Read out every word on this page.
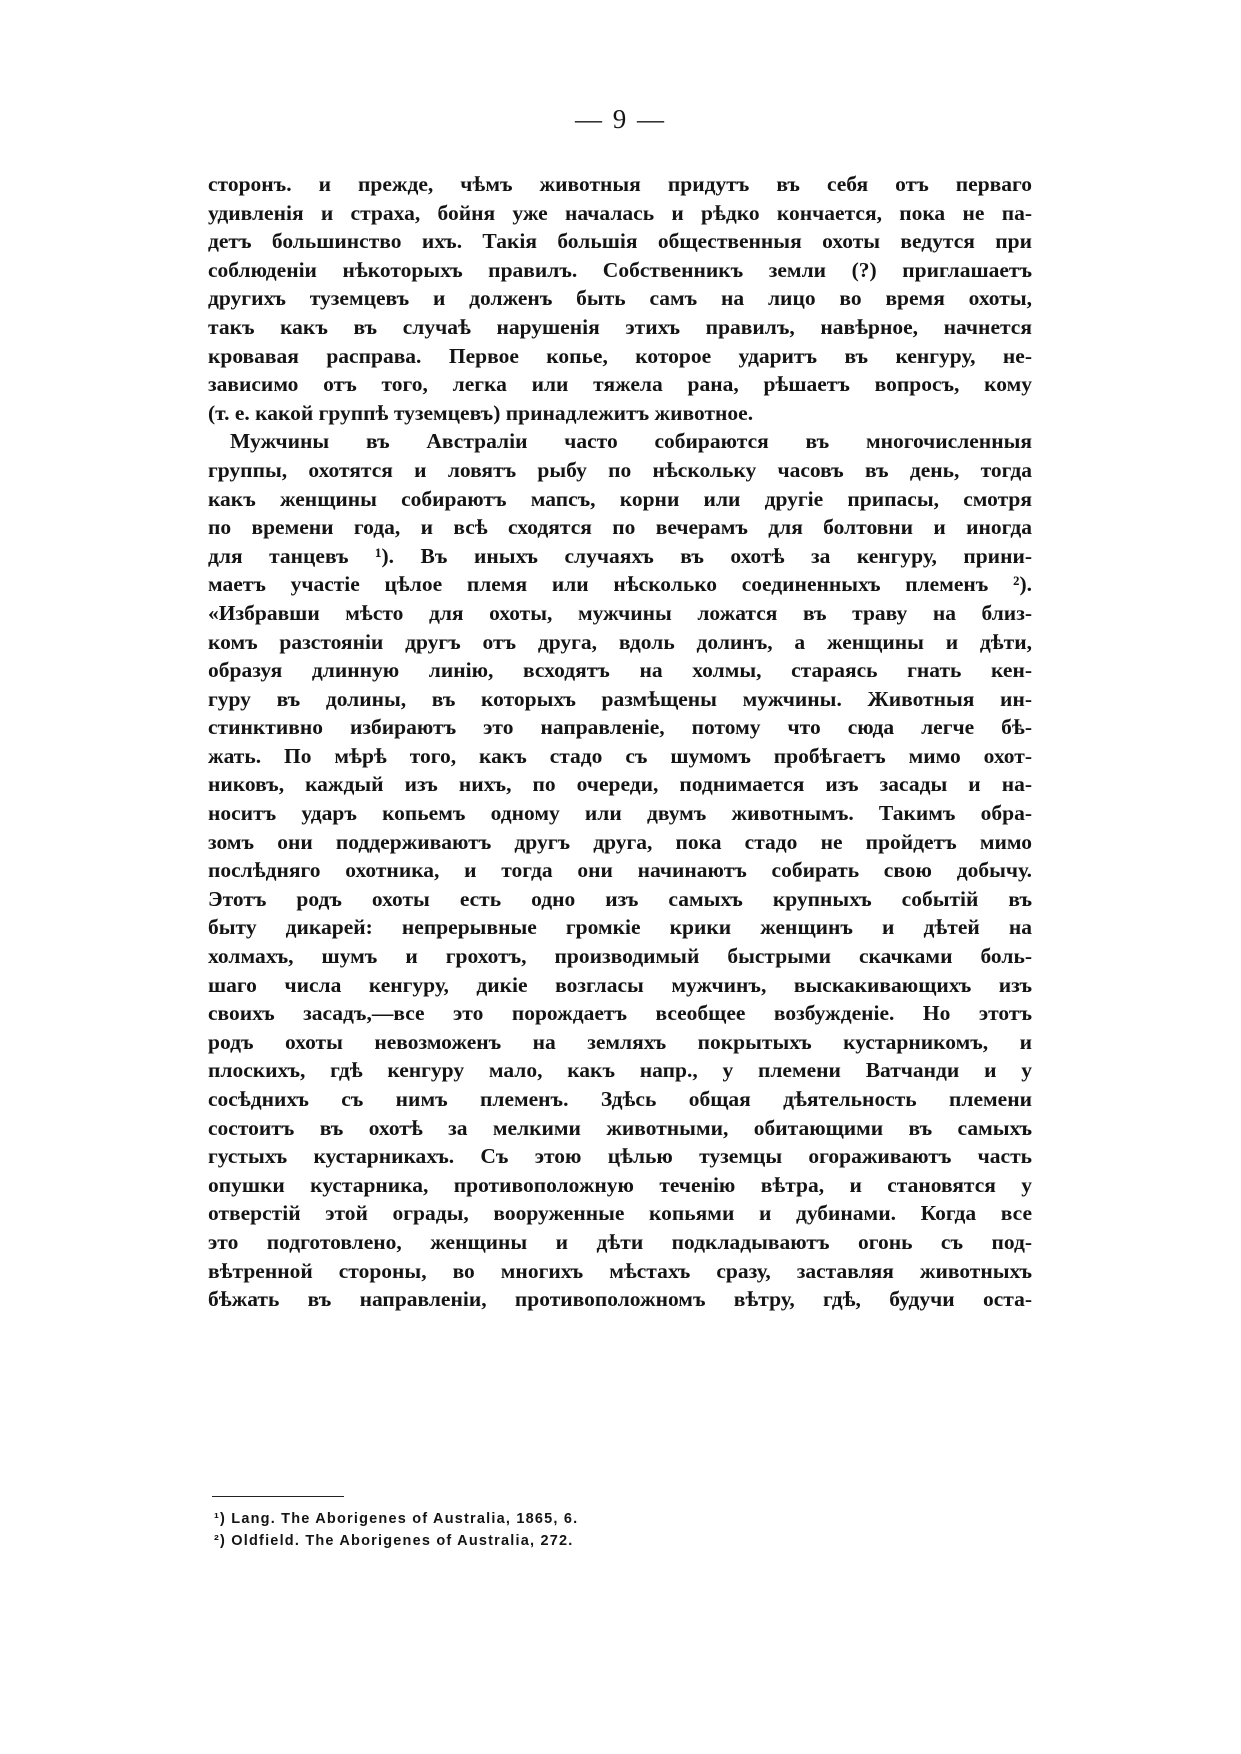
— 9 —
сторонъ. и прежде, чѣмъ животныя придутъ въ себя отъ перваго
удивленія и страха, бойня уже началась и рѣдко кончается, пока не па-
детъ большинство ихъ. Такія большія общественныя охоты ведутся при
соблюденіи нѣкоторыхъ правилъ. Собственникъ земли (?) приглашаетъ
другихъ туземцевъ и долженъ быть самъ на лицо во время охоты,
такъ какъ въ случаѣ нарушенія этихъ правилъ, навѣрное, начнется
кровавая расправа. Первое копье, которое ударитъ въ кенгуру, не-
зависимо отъ того, легка или тяжела рана, рѣшаетъ вопросъ, кому
(т. е. какой группѣ туземцевъ) принадлежитъ животное.
Мужчины въ Австраліи часто собираются въ многочисленныя
группы, охотятся и ловятъ рыбу по нѣскольку часовъ въ день, тогда
какъ женщины собираютъ мапсъ, корни или другіе припасы, смотря
по времени года, и всѣ сходятся по вечерамъ для болтовни и иногда
для танцевъ ¹). Въ иныхъ случаяхъ въ охотѣ за кенгуру, прини-
маетъ участіе цѣлое племя или нѣсколько соединенныхъ племенъ ²).
«Избравши мѣсто для охоты, мужчины ложатся въ траву на близ-
комъ разстояніи другъ отъ друга, вдоль долинъ, а женщины и дѣти,
образуя длинную линію, всходятъ на холмы, стараясь гнать кен-
гуру въ долины, въ которыхъ размѣщены мужчины. Животныя ин-
стинктивно избираютъ это направленіе, потому что сюда легче бѣ-
жать. По мѣрѣ того, какъ стадо съ шумомъ пробѣгаетъ мимо охот-
никовъ, каждый изъ нихъ, по очереди, поднимается изъ засады и на-
носитъ ударъ копьемъ одному или двумъ животнымъ. Такимъ обра-
зомъ они поддерживаютъ другъ друга, пока стадо не пройдетъ мимо
послѣдняго охотника, и тогда они начинаютъ собирать свою добычу.
Этотъ родъ охоты есть одно изъ самыхъ крупныхъ событій въ
быту дикарей: непрерывные громкіе крики женщинъ и дѣтей на
холмахъ, шумъ и грохотъ, производимый быстрыми скачками боль-
шаго числа кенгуру, дикіе возгласы мужчинъ, выскакивающихъ изъ
своихъ засадъ,—все это порождаетъ всеобщее возбужденіе. Но этотъ
родъ охоты невозможенъ на земляхъ покрытыхъ кустарникомъ, и
плоскихъ, гдѣ кенгуру мало, какъ напр., у племени Ватчанди и у
сосѣднихъ съ нимъ племенъ. Здѣсь общая дѣятельность племени
состоитъ въ охотѣ за мелкими животными, обитающими въ самыхъ
густыхъ кустарникахъ. Съ этою цѣлью туземцы огораживаютъ часть
опушки кустарника, противоположную теченію вѣтра, и становятся у
отверстій этой ограды, вооруженные копьями и дубинами. Когда все
это подготовлено, женщины и дѣти подкладываютъ огонь съ под-
вѣтренной стороны, во многихъ мѣстахъ сразу, заставляя животныхъ
бѣжать въ направленіи, противоположномъ вѣтру, гдѣ, будучи оста-
¹) Lang. The Aborigenes of Australia, 1865, 6.
²) Oldfield. The Aborigenes of Australia, 272.
